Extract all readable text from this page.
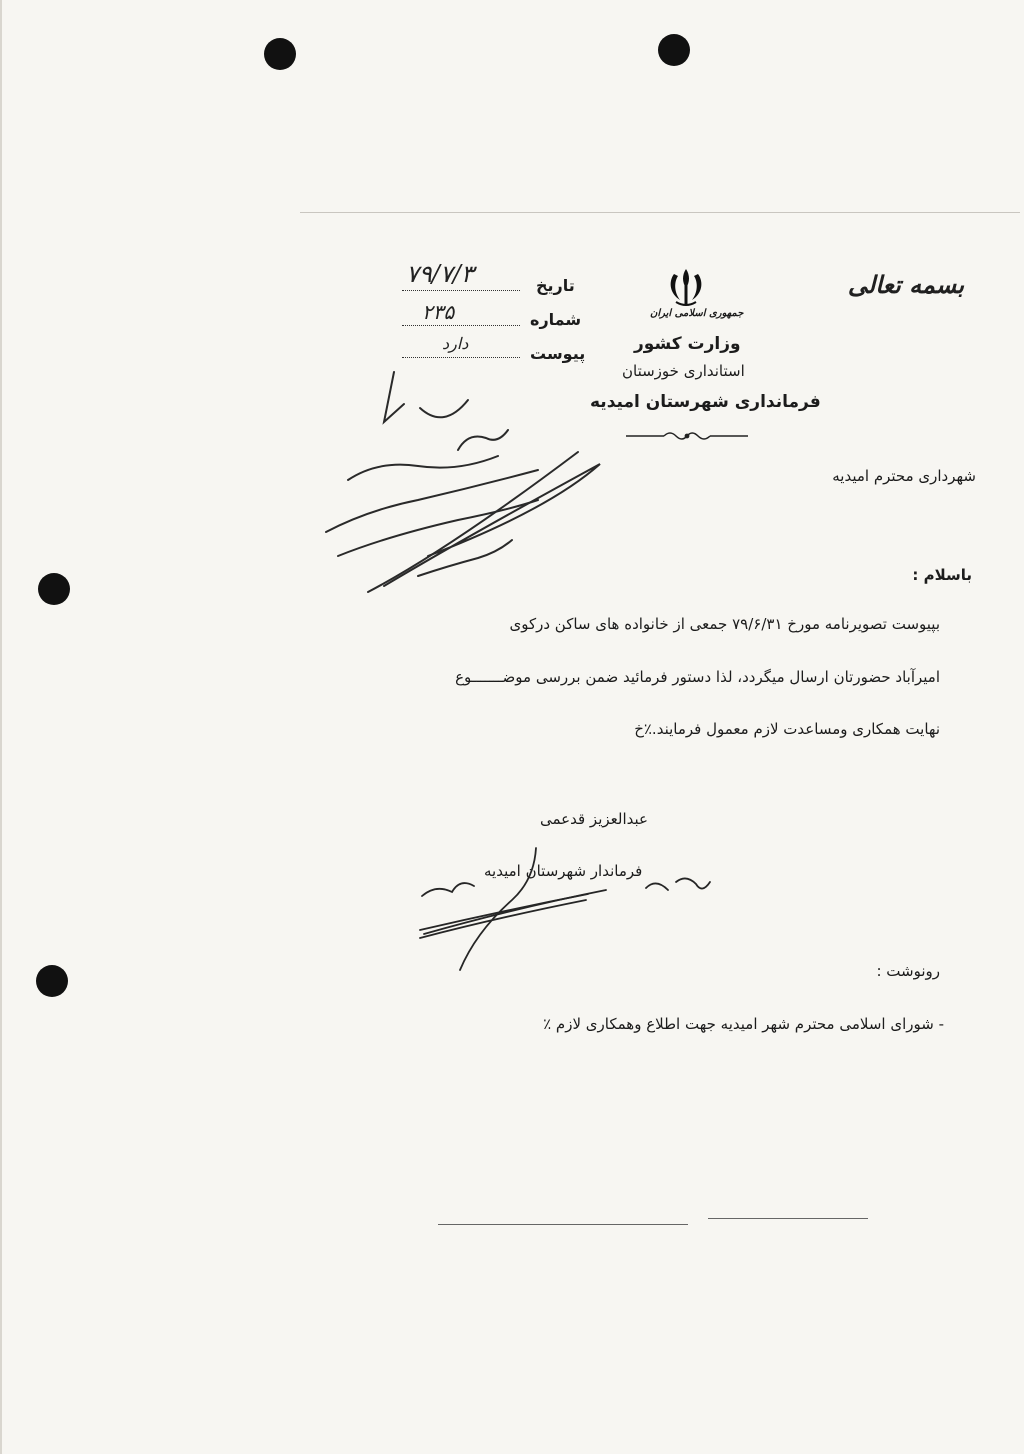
بسمه تعالی
جمهوری اسلامی ایران
وزارت کشور
استانداری خوزستان
فرمانداری شهرستان امیدیه
تاریخ
۷۹/۷/۳
شماره
۲۳۵
پیوست
دارد
شهرداری محترم امیدیه
باسلام :
بپیوست تصویرنامه مورخ ۷۹/۶/۳۱ جمعی از خانواده های ساکن درکوی
امیرآباد حضورتان ارسال میگردد، لذا دستور فرمائید ضمن بررسی موضـــــــوع
نهایت همکاری ومساعدت لازم معمول فرمایند.٪خ
عبدالعزیز قدعمی
فرماندار شهرستان امیدیه
رونوشت :
- شورای اسلامی محترم شهر امیدیه جهت اطلاع وهمکاری لازم ٪
